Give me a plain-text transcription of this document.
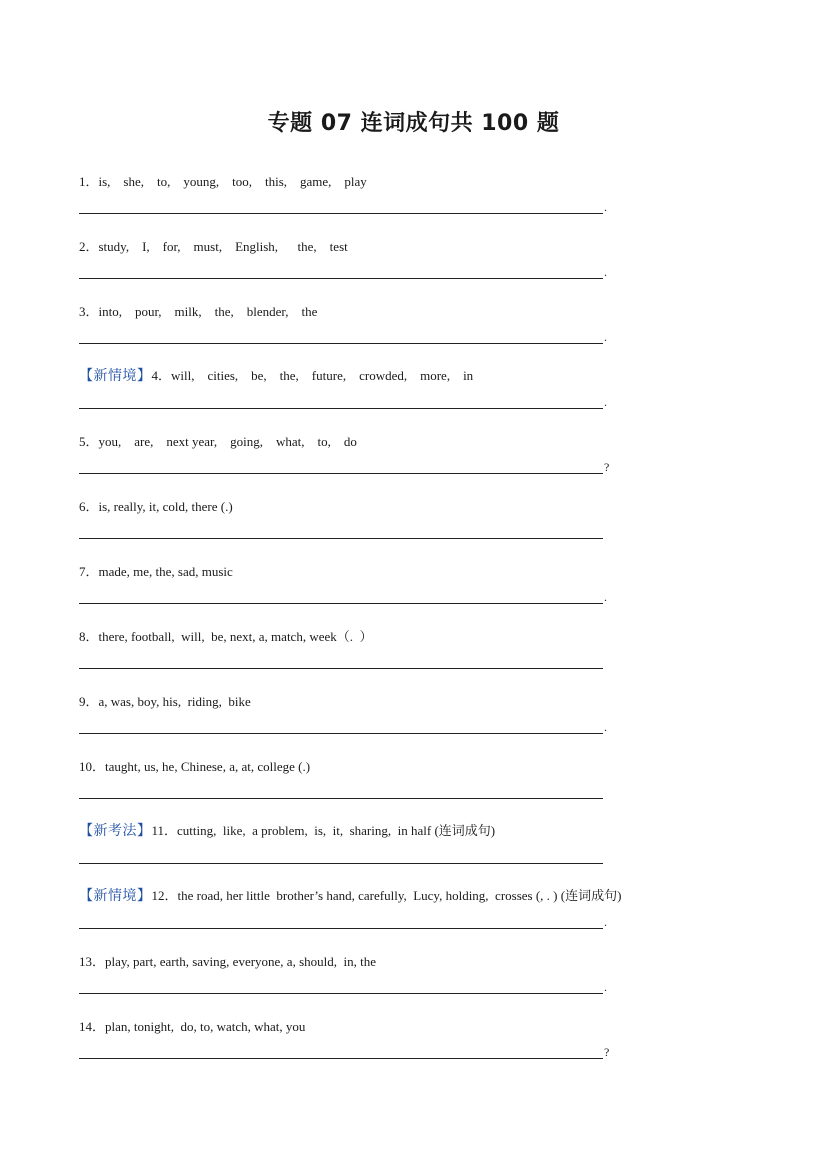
专题 07 连词成句共 100 题
1．is,    she,    to,    young,    too,    this,    game,    play
.
2．study,    I,    for,    must,    English,      the,    test
.
3．into,    pour,    milk,    the,    blender,    the
.
【新情境】4．will,    cities,    be,    the,    future,    crowded,    more,    in
.
5．you,    are,    next year,    going,    what,    to,    do
?
6．is, really, it, cold, there (.)
7．made, me, the, sad, music
.
8．there, football,  will,  be, next, a, match, week（.  ）
9．a, was, boy, his,  riding,  bike
.
10．taught, us, he, Chinese, a, at, college (.)
【新考法】11．cutting,  like,  a problem,  is,  it,  sharing,  in half (连词成句)
【新情境】12．the road, her little  brother’s hand, carefully,  Lucy, holding,  crosses (, . ) (连词成句)
.
13．play, part, earth, saving, everyone, a, should,  in, the
.
14．plan, tonight,  do, to, watch, what, you
?
